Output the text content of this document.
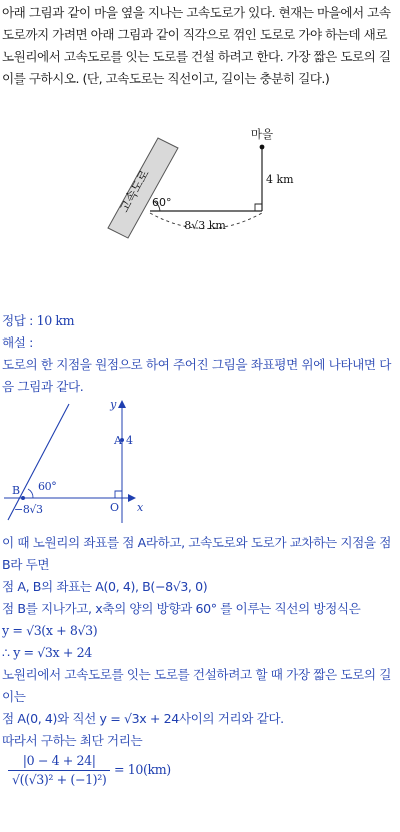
아래 그림과 같이 마을 옆을 지나는 고속도로가 있다. 현재는 마을에서 고속도로까지 가려면 아래 그림과 같이 직각으로 꺾인 도로로 가야 하는데 새로 노원리에서 고속도로를 잇는 도로를 건설 하려고 한다. 가장 짧은 도로의 길이를 구하시오. (단, 고속도로는 직선이고, 길이는 충분히 길다.)

고속도로
마을
4 km
60°
8√3 km

정답 : 10 km

해설 :

도로의 한 지점을 원점으로 하여 주어진 그림을 좌표평면 위에 나타내면 다음 그림과 같다.

y
x
A 4
B
−8√3
60°
O

이 때 노원리의 좌표를 점 A라하고, 고속도로와 도로가 교차하는 지점을 점 B라 두면

점 A, B의 좌표는 A(0, 4), B(−8√3, 0)

점 B를 지나가고, x축의 양의 방향과 60° 를 이루는 직선의 방정식은

y = √3(x + 8√3)

∴ y = √3x + 24

노원리에서 고속도로를 잇는 도로를 건설하려고 할 때 가장 짧은 도로의 길이는

점 A(0, 4)와 직선 y = √3x + 24사이의 거리와 같다.

따라서 구하는 최단 거리는

$\frac{|0 - 4 + 24|}{\text{√((√3)² + (−1)²)}} = 10(km)$
